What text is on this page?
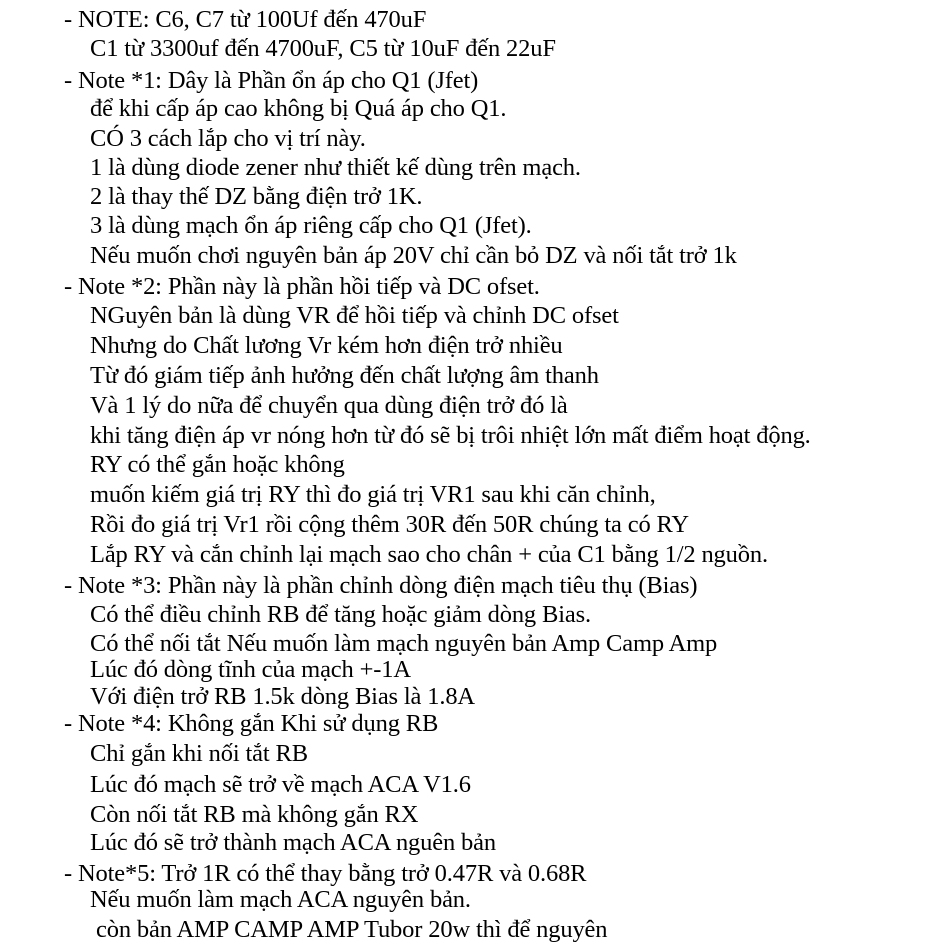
- NOTE: C6, C7 từ 100Uf đến 470uF
C1 từ 3300uf đến 4700uF, C5 từ 10uF đến 22uF
- Note *1: Dây là Phần ổn áp cho Q1 (Jfet)
để khi cấp áp cao không bị Quá áp cho Q1.
CÓ 3 cách lắp cho vị trí này.
1 là dùng diode zener như thiết kế dùng trên mạch.
2 là thay thế DZ bằng điện trở 1K.
3 là dùng mạch ổn áp riêng cấp cho Q1 (Jfet).
Nếu muốn chơi nguyên bản áp 20V chỉ cần bỏ DZ và nối tắt trở 1k
- Note *2: Phần này là phần hồi tiếp và DC ofset.
NGuyên bản là dùng VR để hồi tiếp và chỉnh DC ofset
Nhưng do Chất lương Vr kém hơn điện trở nhiều
Từ đó giám tiếp ảnh hưởng đến chất lượng âm thanh
Và 1 lý do nữa để chuyển qua dùng điện trở đó là
khi tăng điện áp vr nóng hơn từ đó sẽ bị trôi nhiệt lớn mất điểm hoạt động.
RY có thể gắn hoặc không
muốn kiếm giá trị RY thì đo giá trị VR1 sau khi căn chỉnh,
Rồi đo giá trị Vr1 rồi cộng thêm 30R đến 50R chúng ta có RY
Lắp RY và cắn chỉnh lại mạch sao cho chân + của C1 bằng 1/2 nguồn.
- Note *3: Phần này là phần chỉnh dòng điện mạch tiêu thụ (Bias)
Có thể điều chỉnh RB để tăng hoặc giảm dòng Bias.
Có thể nối tắt Nếu muốn làm mạch nguyên bản Amp Camp Amp
Lúc đó dòng tĩnh của mạch +-1A
Với điện trở RB 1.5k dòng Bias là 1.8A
- Note *4: Không gắn Khi sử dụng RB
Chỉ gắn khi nối tắt RB
Lúc đó mạch sẽ trở về mạch ACA V1.6
Còn nối tắt RB mà không gắn RX
Lúc đó sẽ trở thành mạch ACA nguên bản
- Note*5: Trở 1R có thể thay bằng trở 0.47R và 0.68R
Nếu muốn làm mạch ACA nguyên bản.
còn bản AMP CAMP AMP Tubor 20w thì để nguyên
